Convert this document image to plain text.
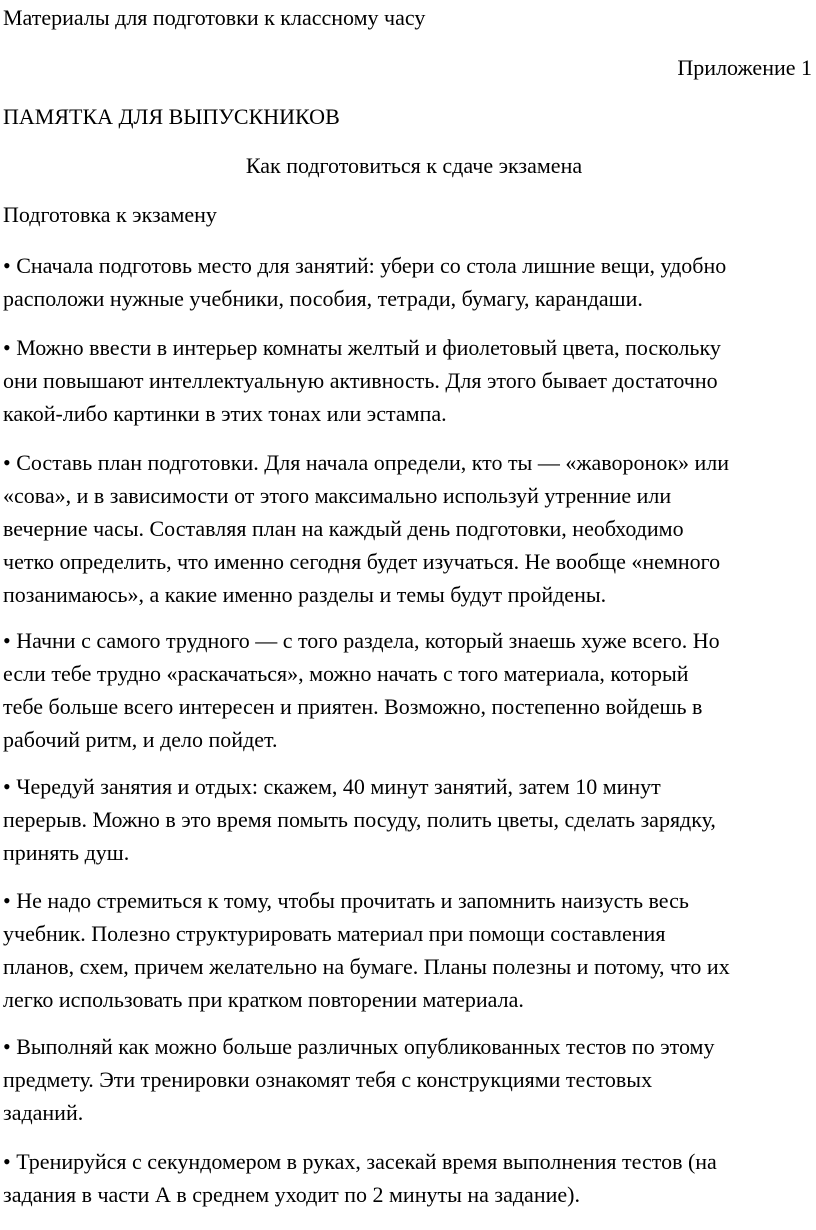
Материалы для подготовки к классному часу
Приложение 1
ПАМЯТКА ДЛЯ ВЫПУСКНИКОВ
Как подготовиться к сдаче экзамена
Подготовка к экзамену
• Сначала подготовь место для занятий: убери со стола лишние вещи, удобно
расположи нужные учебники, пособия, тетради, бумагу, карандаши.
• Можно ввести в интерьер комнаты желтый и фиолетовый цвета, поскольку
они повышают интеллектуальную активность. Для этого бывает достаточно
какой-либо картинки в этих тонах или эстампа.
• Составь план подготовки. Для начала определи, кто ты — «жаворонок» или
«сова», и в зависимости от этого максимально используй утренние или
вечерние часы. Составляя план на каждый день подготовки, необходимо
четко определить, что именно сегодня будет изучаться. Не вообще «немного
позанимаюсь», а какие именно разделы и темы будут пройдены.
• Начни с самого трудного — с того раздела, который знаешь хуже всего. Но
если тебе трудно «раскачаться», можно начать с того материала, который
тебе больше всего интересен и приятен. Возможно, постепенно войдешь в
рабочий ритм, и дело пойдет.
• Чередуй занятия и отдых: скажем, 40 минут занятий, затем 10 минут
перерыв. Можно в это время помыть посуду, полить цветы, сделать зарядку,
принять душ.
• Не надо стремиться к тому, чтобы прочитать и запомнить наизусть весь
учебник. Полезно структурировать материал при помощи составления
планов, схем, причем желательно на бумаге. Планы полезны и потому, что их
легко использовать при кратком повторении материала.
• Выполняй как можно больше различных опубликованных тестов по этому
предмету. Эти тренировки ознакомят тебя с конструкциями тестовых
заданий.
• Тренируйся с секундомером в руках, засекай время выполнения тестов (на
задания в части А в среднем уходит по 2 минуты на задание).
